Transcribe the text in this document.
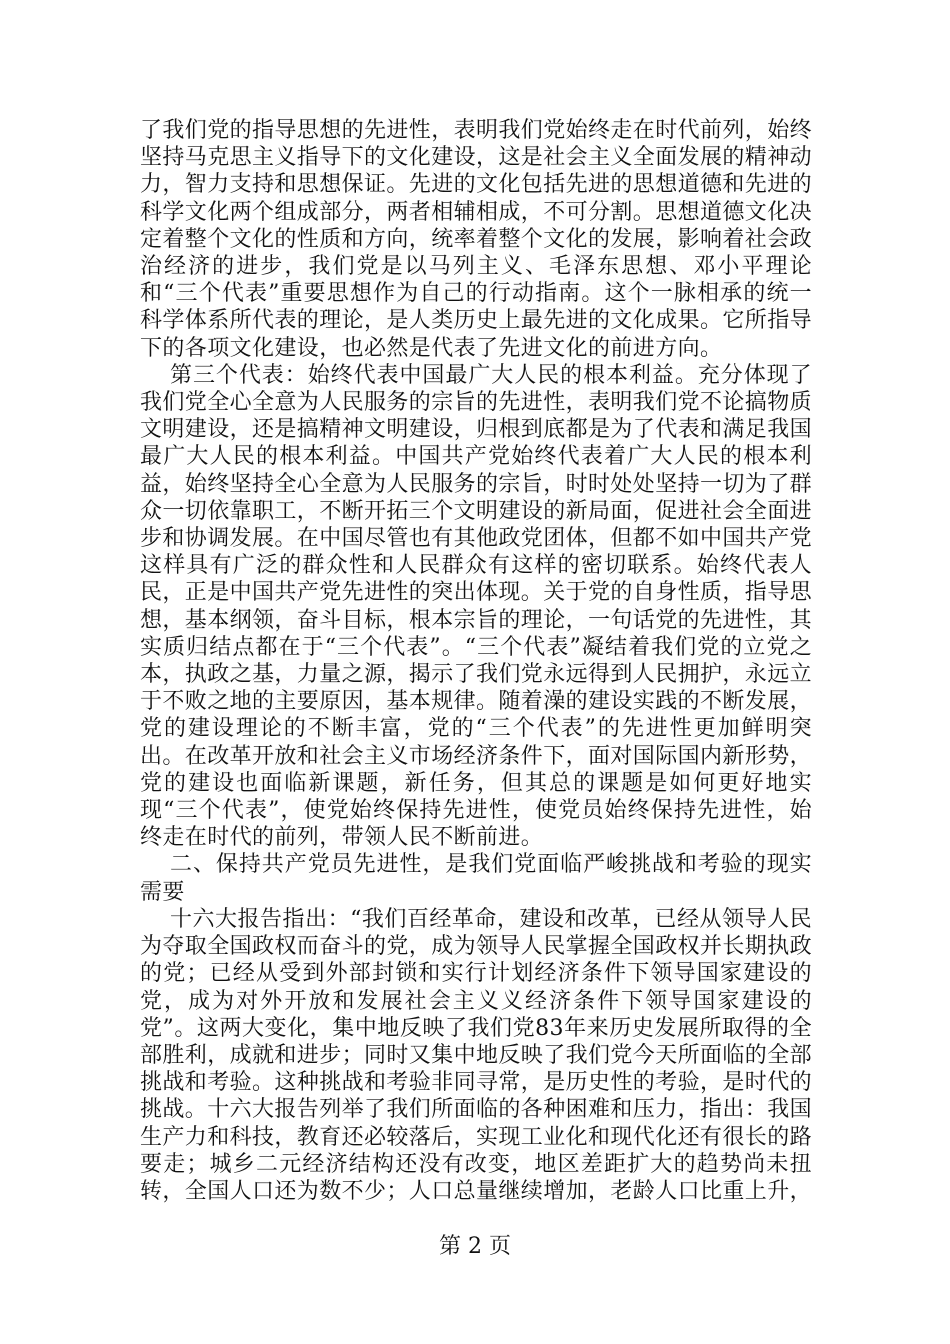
了我们党的指导思想的先进性，表明我们党始终走在时代前列，始终坚持马克思主义指导下的文化建设，这是社会主义全面发展的精神动力，智力支持和思想保证。先进的文化包括先进的思想道德和先进的科学文化两个组成部分，两者相辅相成，不可分割。思想道德文化决定着整个文化的性质和方向，统率着整个文化的发展，影响着社会政治经济的进步，我们党是以马列主义、毛泽东思想、邓小平理论和“三个代表”重要思想作为自己的行动指南。这个一脉相承的统一科学体系所代表的理论，是人类历史上最先进的文化成果。它所指导下的各项文化建设，也必然是代表了先进文化的前进方向。

第三个代表：始终代表中国最广大人民的根本利益。充分体现了我们党全心全意为人民服务的宗旨的先进性，表明我们党不论搞物质文明建设，还是搞精神文明建设，归根到底都是为了代表和满足我国最广大人民的根本利益。中国共产党始终代表着广大人民的根本利益，始终坚持全心全意为人民服务的宗旨，时时处处坚持一切为了群众一切依靠职工，不断开拓三个文明建设的新局面，促进社会全面进步和协调发展。在中国尽管也有其他政党团体，但都不如中国共产党这样具有广泛的群众性和人民群众有这样的密切联系。始终代表人民，正是中国共产党先进性的突出体现。关于党的自身性质，指导思想，基本纲领，奋斗目标，根本宗旨的理论，一句话党的先进性，其实质归结点都在于“三个代表”。“三个代表”凝结着我们党的立党之本，执政之基，力量之源，揭示了我们党永远得到人民拥护，永远立于不败之地的主要原因，基本规律。随着澡的建设实践的不断发展，党的建设理论的不断丰富，党的“三个代表”的先进性更加鲜明突出。在改革开放和社会主义市场经济条件下，面对国际国内新形势，党的建设也面临新课题，新任务，但其总的课题是如何更好地实现“三个代表”，使党始终保持先进性，使党员始终保持先进性，始终走在时代的前列，带领人民不断前进。

二、保持共产党员先进性，是我们党面临严峻挑战和考验的现实需要

十六大报告指出：“我们百经革命，建设和改革，已经从领导人民为夺取全国政权而奋斗的党，成为领导人民掌握全国政权并长期执政的党；已经从受到外部封锁和实行计划经济条件下领导国家建设的党，成为对外开放和发展社会主义义经济条件下领导国家建设的党”。这两大变化，集中地反映了我们党83年来历史发展所取得的全部胜利，成就和进步；同时又集中地反映了我们党今天所面临的全部挑战和考验。这种挑战和考验非同寻常，是历史性的考验，是时代的挑战。十六大报告列举了我们所面临的各种困难和压力，指出：我国生产力和科技，教育还必较落后，实现工业化和现代化还有很长的路要走；城乡二元经济结构还没有改变，地区差距扩大的趋势尚未扭转，全国人口还为数不少；人口总量继续增加，老龄人口比重上升，

第 2 页
